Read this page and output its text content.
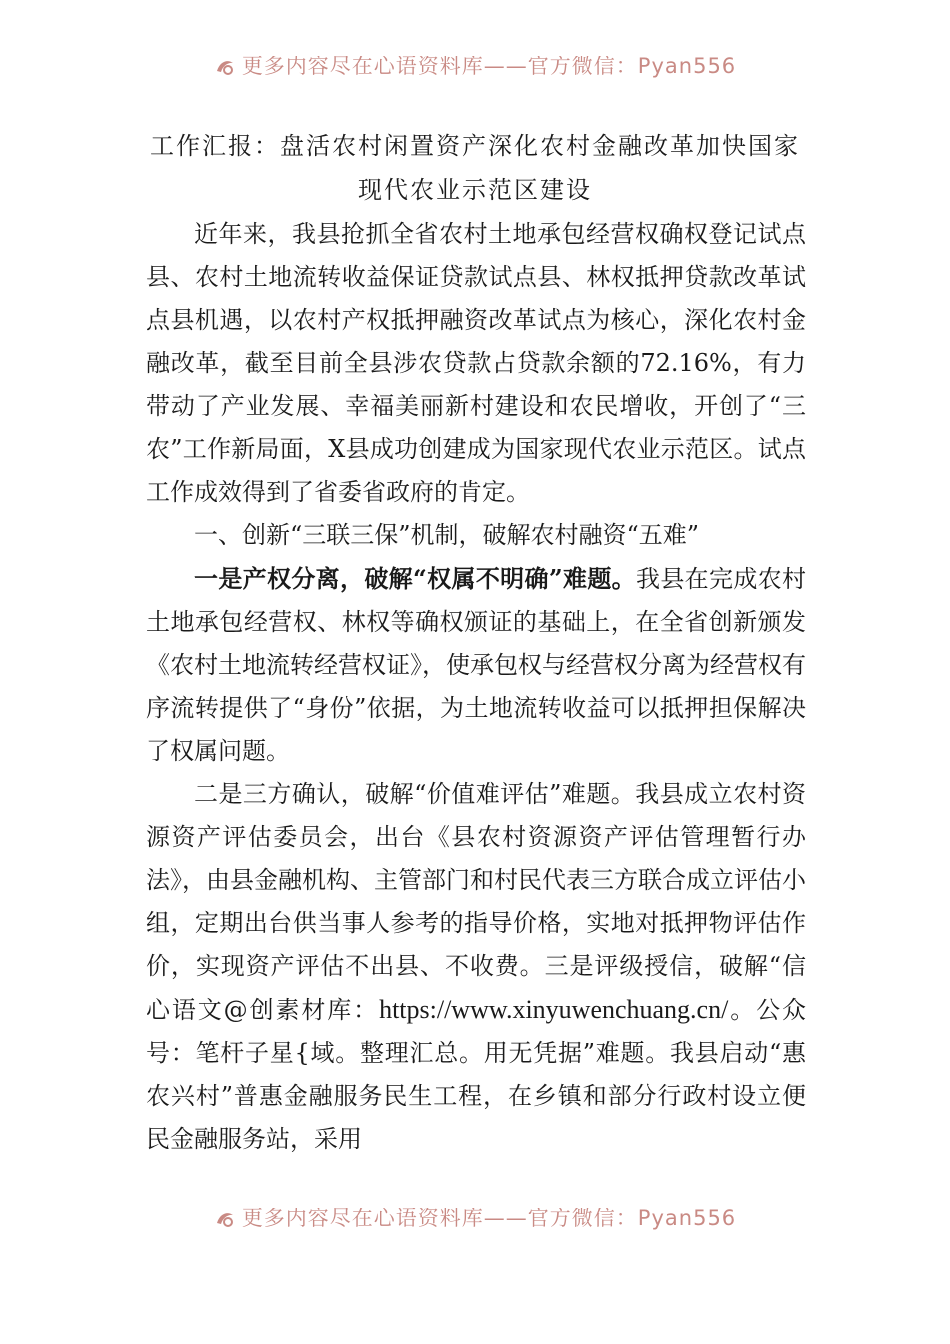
更多内容尽在心语资料库——官方微信：Pyan556
工作汇报：盘活农村闲置资产深化农村金融改革加快国家
现代农业示范区建设

近年来，我县抢抓全省农村土地承包经营权确权登记试点县、农村土地流转收益保证贷款试点县、林权抵押贷款改革试点县机遇，以农村产权抵押融资改革试点为核心，深化农村金融改革，截至目前全县涉农贷款占贷款余额的72.16%，有力带动了产业发展、幸福美丽新村建设和农民增收，开创了“三农”工作新局面，X县成功创建成为国家现代农业示范区。试点工作成效得到了省委省政府的肯定。

一、创新“三联三保”机制，破解农村融资“五难”

一是产权分离，破解“权属不明确”难题。我县在完成农村土地承包经营权、林权等确权颁证的基础上，在全省创新颁发《农村土地流转经营权证》，使承包权与经营权分离为经营权有序流转提供了“身份”依据，为土地流转收益可以抵押担保解决了权属问题。

二是三方确认，破解“价值难评估”难题。我县成立农村资源资产评估委员会，出台《县农村资源资产评估管理暂行办法》，由县金融机构、主管部门和村民代表三方联合成立评估小组，定期出台供当事人参考的指导价格，实地对抵押物评估作价，实现资产评估不出县、不收费。三是评级授信，破解“信心语文@创素材库：https://www.xinyuwenchuang.cn/。公众号：笔杆子星{域。整理汇总。用无凭据”难题。我县启动“惠农兴村”普惠金融服务民生工程，在乡镇和部分行政村设立便民金融服务站，采用

更多内容尽在心语资料库——官方微信：Pyan556
